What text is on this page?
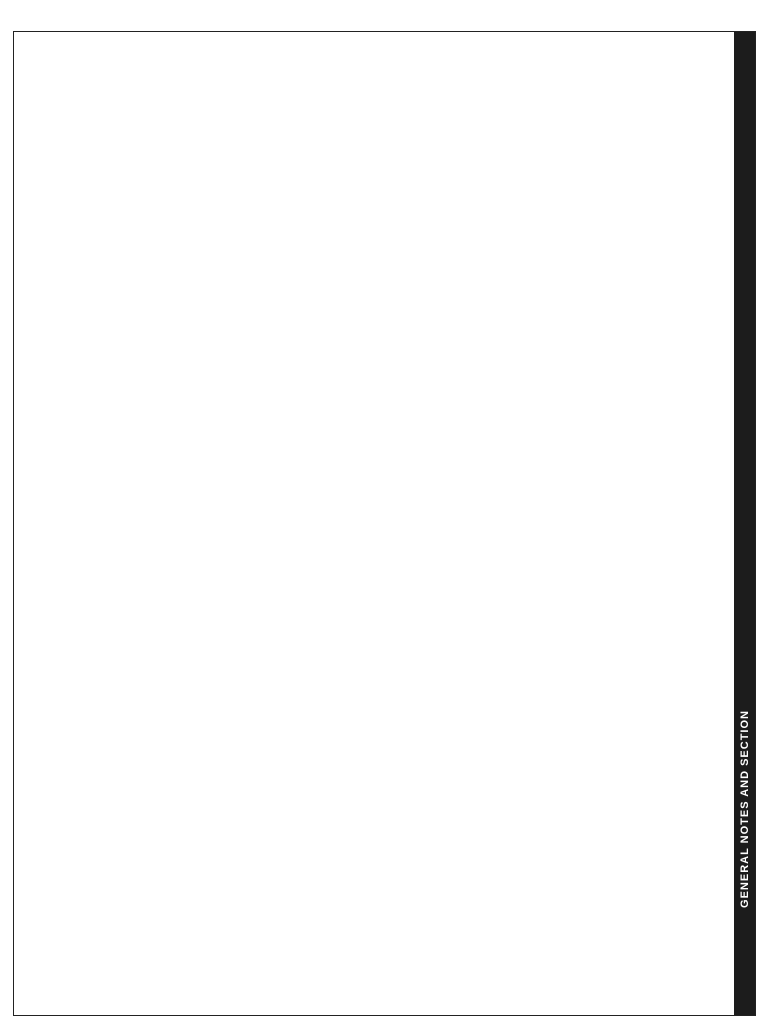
GENERAL NOTES AND SECTION
